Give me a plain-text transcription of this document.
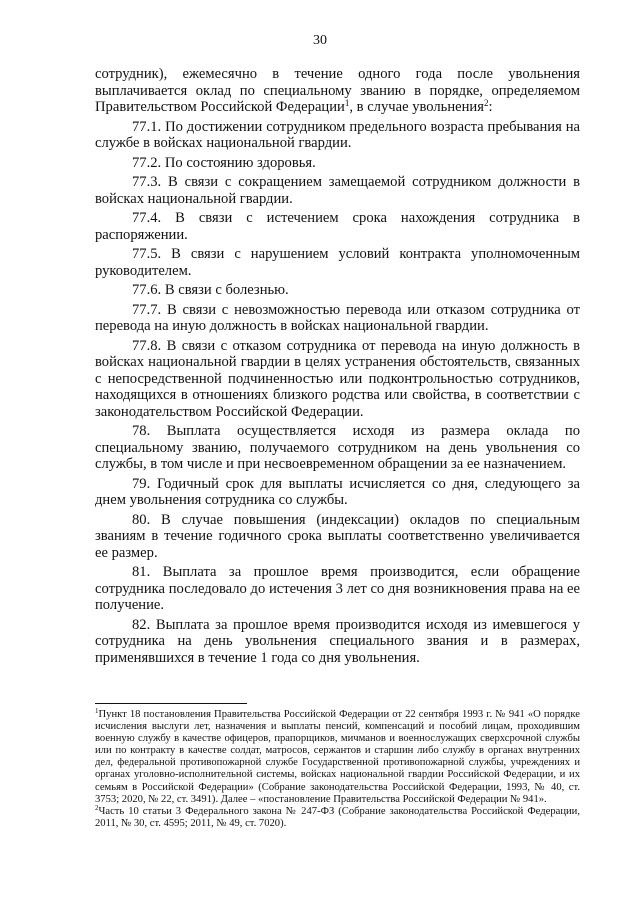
30

сотрудник), ежемесячно в течение одного года после увольнения выплачивается оклад по специальному званию в порядке, определяемом Правительством Российской Федерации$^1$, в случае увольнения$^2$:

77.1. По достижении сотрудником предельного возраста пребывания на службе в войсках национальной гвардии.

77.2. По состоянию здоровья.

77.3. В связи с сокращением замещаемой сотрудником должности в войсках национальной гвардии.

77.4. В связи с истечением срока нахождения сотрудника в распоряжении.

77.5. В связи с нарушением условий контракта уполномоченным руководителем.

77.6. В связи с болезнью.

77.7. В связи с невозможностью перевода или отказом сотрудника от перевода на иную должность в войсках национальной гвардии.

77.8. В связи с отказом сотрудника от перевода на иную должность в войсках национальной гвардии в целях устранения обстоятельств, связанных с непосредственной подчиненностью или подконтрольностью сотрудников, находящихся в отношениях близкого родства или свойства, в соответствии с законодательством Российской Федерации.

78. Выплата осуществляется исходя из размера оклада по специальному званию, получаемого сотрудником на день увольнения со службы, в том числе и при несвоевременном обращении за ее назначением.

79. Годичный срок для выплаты исчисляется со дня, следующего за днем увольнения сотрудника со службы.

80. В случае повышения (индексации) окладов по специальным званиям в течение годичного срока выплаты соответственно увеличивается ее размер.

81. Выплата за прошлое время производится, если обращение сотрудника последовало до истечения 3 лет со дня возникновения права на ее получение.

82. Выплата за прошлое время производится исходя из имевшегося у сотрудника на день увольнения специального звания и в размерах, применявшихся в течение 1 года со дня увольнения.

$^1$Пункт 18 постановления Правительства Российской Федерации от 22 сентября 1993 г. № 941 «О порядке исчисления выслуги лет, назначения и выплаты пенсий, компенсаций и пособий лицам, проходившим военную службу в качестве офицеров, прапорщиков, мичманов и военнослужащих сверхсрочной службы или по контракту в качестве солдат, матросов, сержантов и старшин либо службу в органах внутренних дел, федеральной противопожарной службе Государственной противопожарной службы, учреждениях и органах уголовно-исполнительной системы, войсках национальной гвардии Российской Федерации, и их семьям в Российской Федерации» (Собрание законодательства Российской Федерации, 1993, № 40, ст. 3753; 2020, № 22, ст. 3491). Далее – «постановление Правительства Российской Федерации № 941».

$^2$Часть 10 статьи 3 Федерального закона № 247-ФЗ (Собрание законодательства Российской Федерации, 2011, № 30, ст. 4595; 2011, № 49, ст. 7020).
